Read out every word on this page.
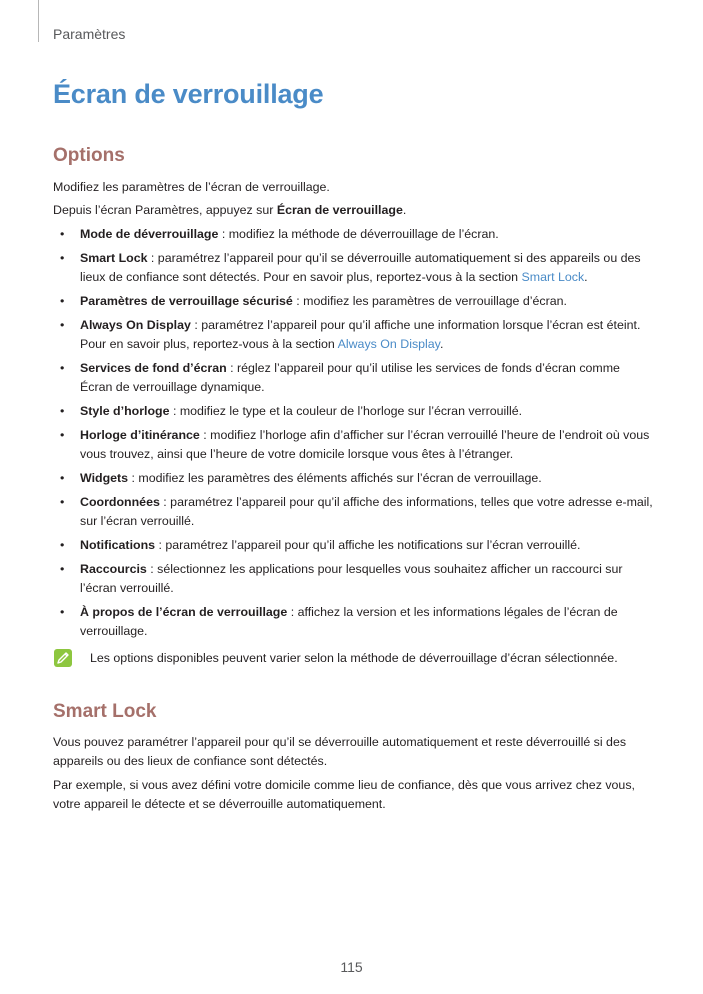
Paramètres
Écran de verrouillage
Options

Modifiez les paramètres de l’écran de verrouillage.

Depuis l’écran Paramètres, appuyez sur Écran de verrouillage.

• Mode de déverrouillage : modifiez la méthode de déverrouillage de l’écran.
• Smart Lock : paramétrez l’appareil pour qu’il se déverrouille automatiquement si des appareils ou des lieux de confiance sont détectés. Pour en savoir plus, reportez-vous à la section Smart Lock.
• Paramètres de verrouillage sécurisé : modifiez les paramètres de verrouillage d’écran.
• Always On Display : paramétrez l’appareil pour qu’il affiche une information lorsque l’écran est éteint. Pour en savoir plus, reportez-vous à la section Always On Display.
• Services de fond d’écran : réglez l’appareil pour qu’il utilise les services de fonds d’écran comme Écran de verrouillage dynamique.
• Style d’horloge : modifiez le type et la couleur de l’horloge sur l’écran verrouillé.
• Horloge d’itinérance : modifiez l’horloge afin d’afficher sur l’écran verrouillé l’heure de l’endroit où vous vous trouvez, ainsi que l’heure de votre domicile lorsque vous êtes à l’étranger.
• Widgets : modifiez les paramètres des éléments affichés sur l’écran de verrouillage.
• Coordonnées : paramétrez l’appareil pour qu’il affiche des informations, telles que votre adresse e-mail, sur l’écran verrouillé.
• Notifications : paramétrez l’appareil pour qu’il affiche les notifications sur l’écran verrouillé.
• Raccourcis : sélectionnez les applications pour lesquelles vous souhaitez afficher un raccourci sur l’écran verrouillé.
• À propos de l’écran de verrouillage : affichez la version et les informations légales de l’écran de verrouillage.
Les options disponibles peuvent varier selon la méthode de déverrouillage d’écran sélectionnée.
Smart Lock

Vous pouvez paramétrer l’appareil pour qu’il se déverrouille automatiquement et reste déverrouillé si des appareils ou des lieux de confiance sont détectés.

Par exemple, si vous avez défini votre domicile comme lieu de confiance, dès que vous arrivez chez vous, votre appareil le détecte et se déverrouille automatiquement.

115
